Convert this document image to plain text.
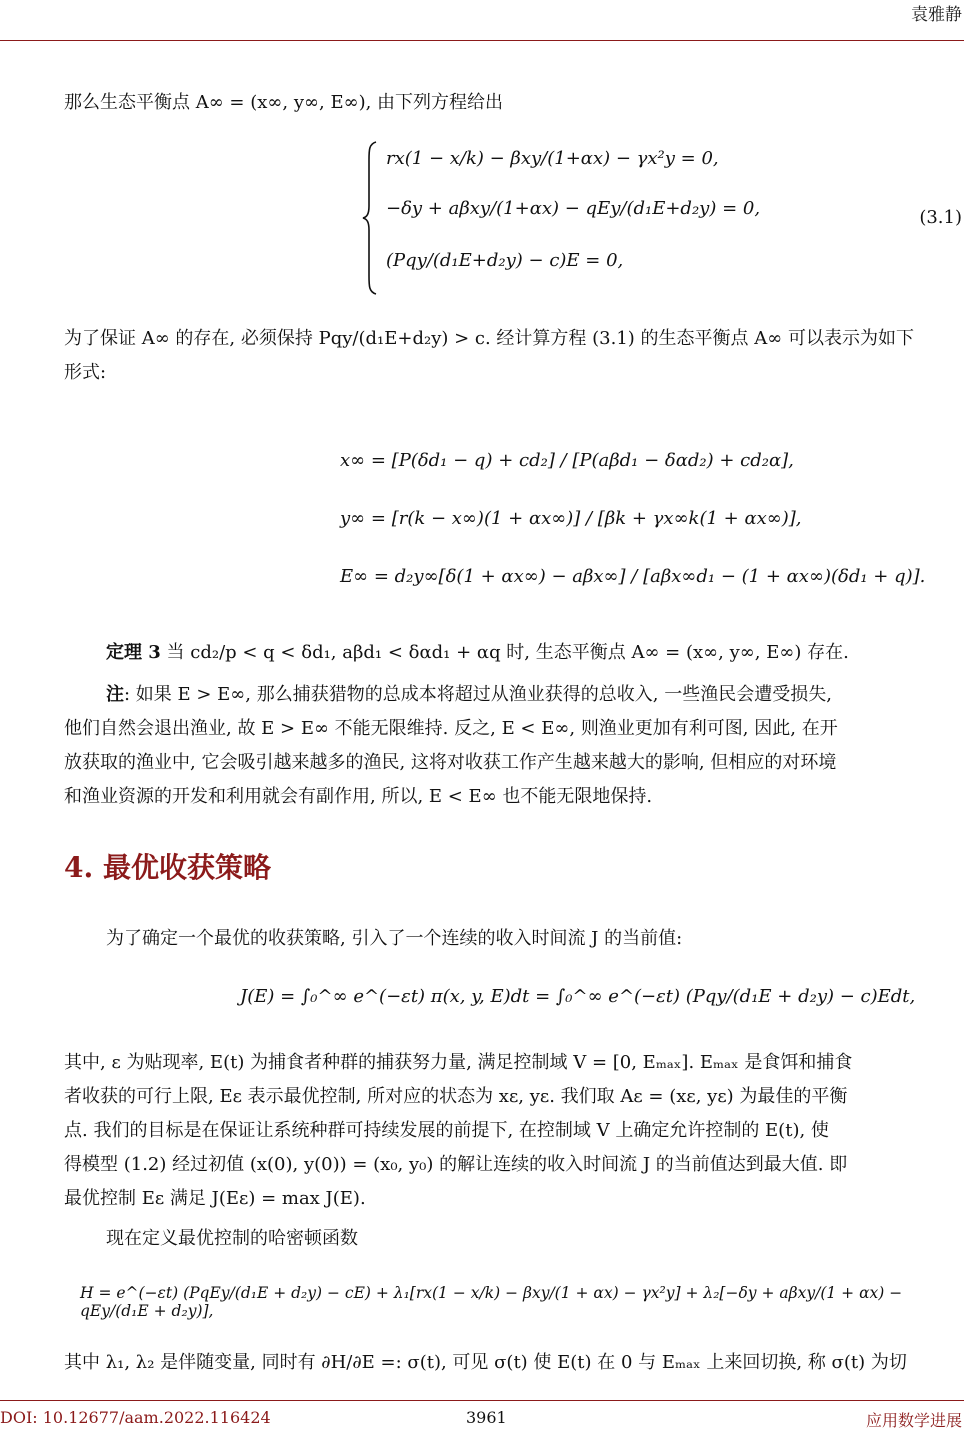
袁雅静
那么生态平衡点 A∞ = (x∞, y∞, E∞), 由下列方程给出
rx(1 − x/k) − βxy/(1+αx) − γx²y = 0,
−δy + aβxy/(1+αx) − qEy/(d₁E+d₂y) = 0,
(Pqy/(d₁E+d₂y) − c)E = 0,
(3.1)
为了保证 A∞ 的存在, 必须保持 Pqy/(d₁E+d₂y) > c. 经计算方程 (3.1) 的生态平衡点 A∞ 可以表示为如下
形式:
x∞ = [P(δd₁ − q) + cd₂] / [P(aβd₁ − δαd₂) + cd₂α],
y∞ = [r(k − x∞)(1 + αx∞)] / [βk + γx∞k(1 + αx∞)],
E∞ = d₂y∞[δ(1 + αx∞) − aβx∞] / [aβx∞d₁ − (1 + αx∞)(δd₁ + q)].
定理 3 当 cd₂/p < q < δd₁, aβd₁ < δαd₁ + αq 时, 生态平衡点 A∞ = (x∞, y∞, E∞) 存在.
注: 如果 E > E∞, 那么捕获猎物的总成本将超过从渔业获得的总收入, 一些渔民会遭受损失,
他们自然会退出渔业, 故 E > E∞ 不能无限维持. 反之, E < E∞, 则渔业更加有利可图, 因此, 在开
放获取的渔业中, 它会吸引越来越多的渔民, 这将对收获工作产生越来越大的影响, 但相应的对环境
和渔业资源的开发和利用就会有副作用, 所以, E < E∞ 也不能无限地保持.
4. 最优收获策略
为了确定一个最优的收获策略, 引入了一个连续的收入时间流 J 的当前值:
J(E) = ∫₀^∞ e^(−εt) π(x, y, E)dt = ∫₀^∞ e^(−εt) (Pqy/(d₁E + d₂y) − c)Edt,
其中, ε 为贴现率, E(t) 为捕食者种群的捕获努力量, 满足控制域 V = [0, Eₘₐₓ]. Eₘₐₓ 是食饵和捕食
者收获的可行上限, Eε 表示最优控制, 所对应的状态为 xε, yε. 我们取 Aε = (xε, yε) 为最佳的平衡
点. 我们的目标是在保证让系统种群可持续发展的前提下, 在控制域 V 上确定允许控制的 E(t), 使
得模型 (1.2) 经过初值 (x(0), y(0)) = (x₀, y₀) 的解让连续的收入时间流 J 的当前值达到最大值. 即
最优控制 Eε 满足 J(Eε) = max J(E).
现在定义最优控制的哈密顿函数
H = e^(−εt) (PqEy/(d₁E + d₂y) − cE) + λ₁[rx(1 − x/k) − βxy/(1 + αx) − γx²y] + λ₂[−δy + aβxy/(1 + αx) − qEy/(d₁E + d₂y)],
其中 λ₁, λ₂ 是伴随变量, 同时有 ∂H/∂E =: σ(t), 可见 σ(t) 使 E(t) 在 0 与 Eₘₐₓ 上来回切换, 称 σ(t) 为切
DOI: 10.12677/aam.2022.116424	3961	应用数学进展
